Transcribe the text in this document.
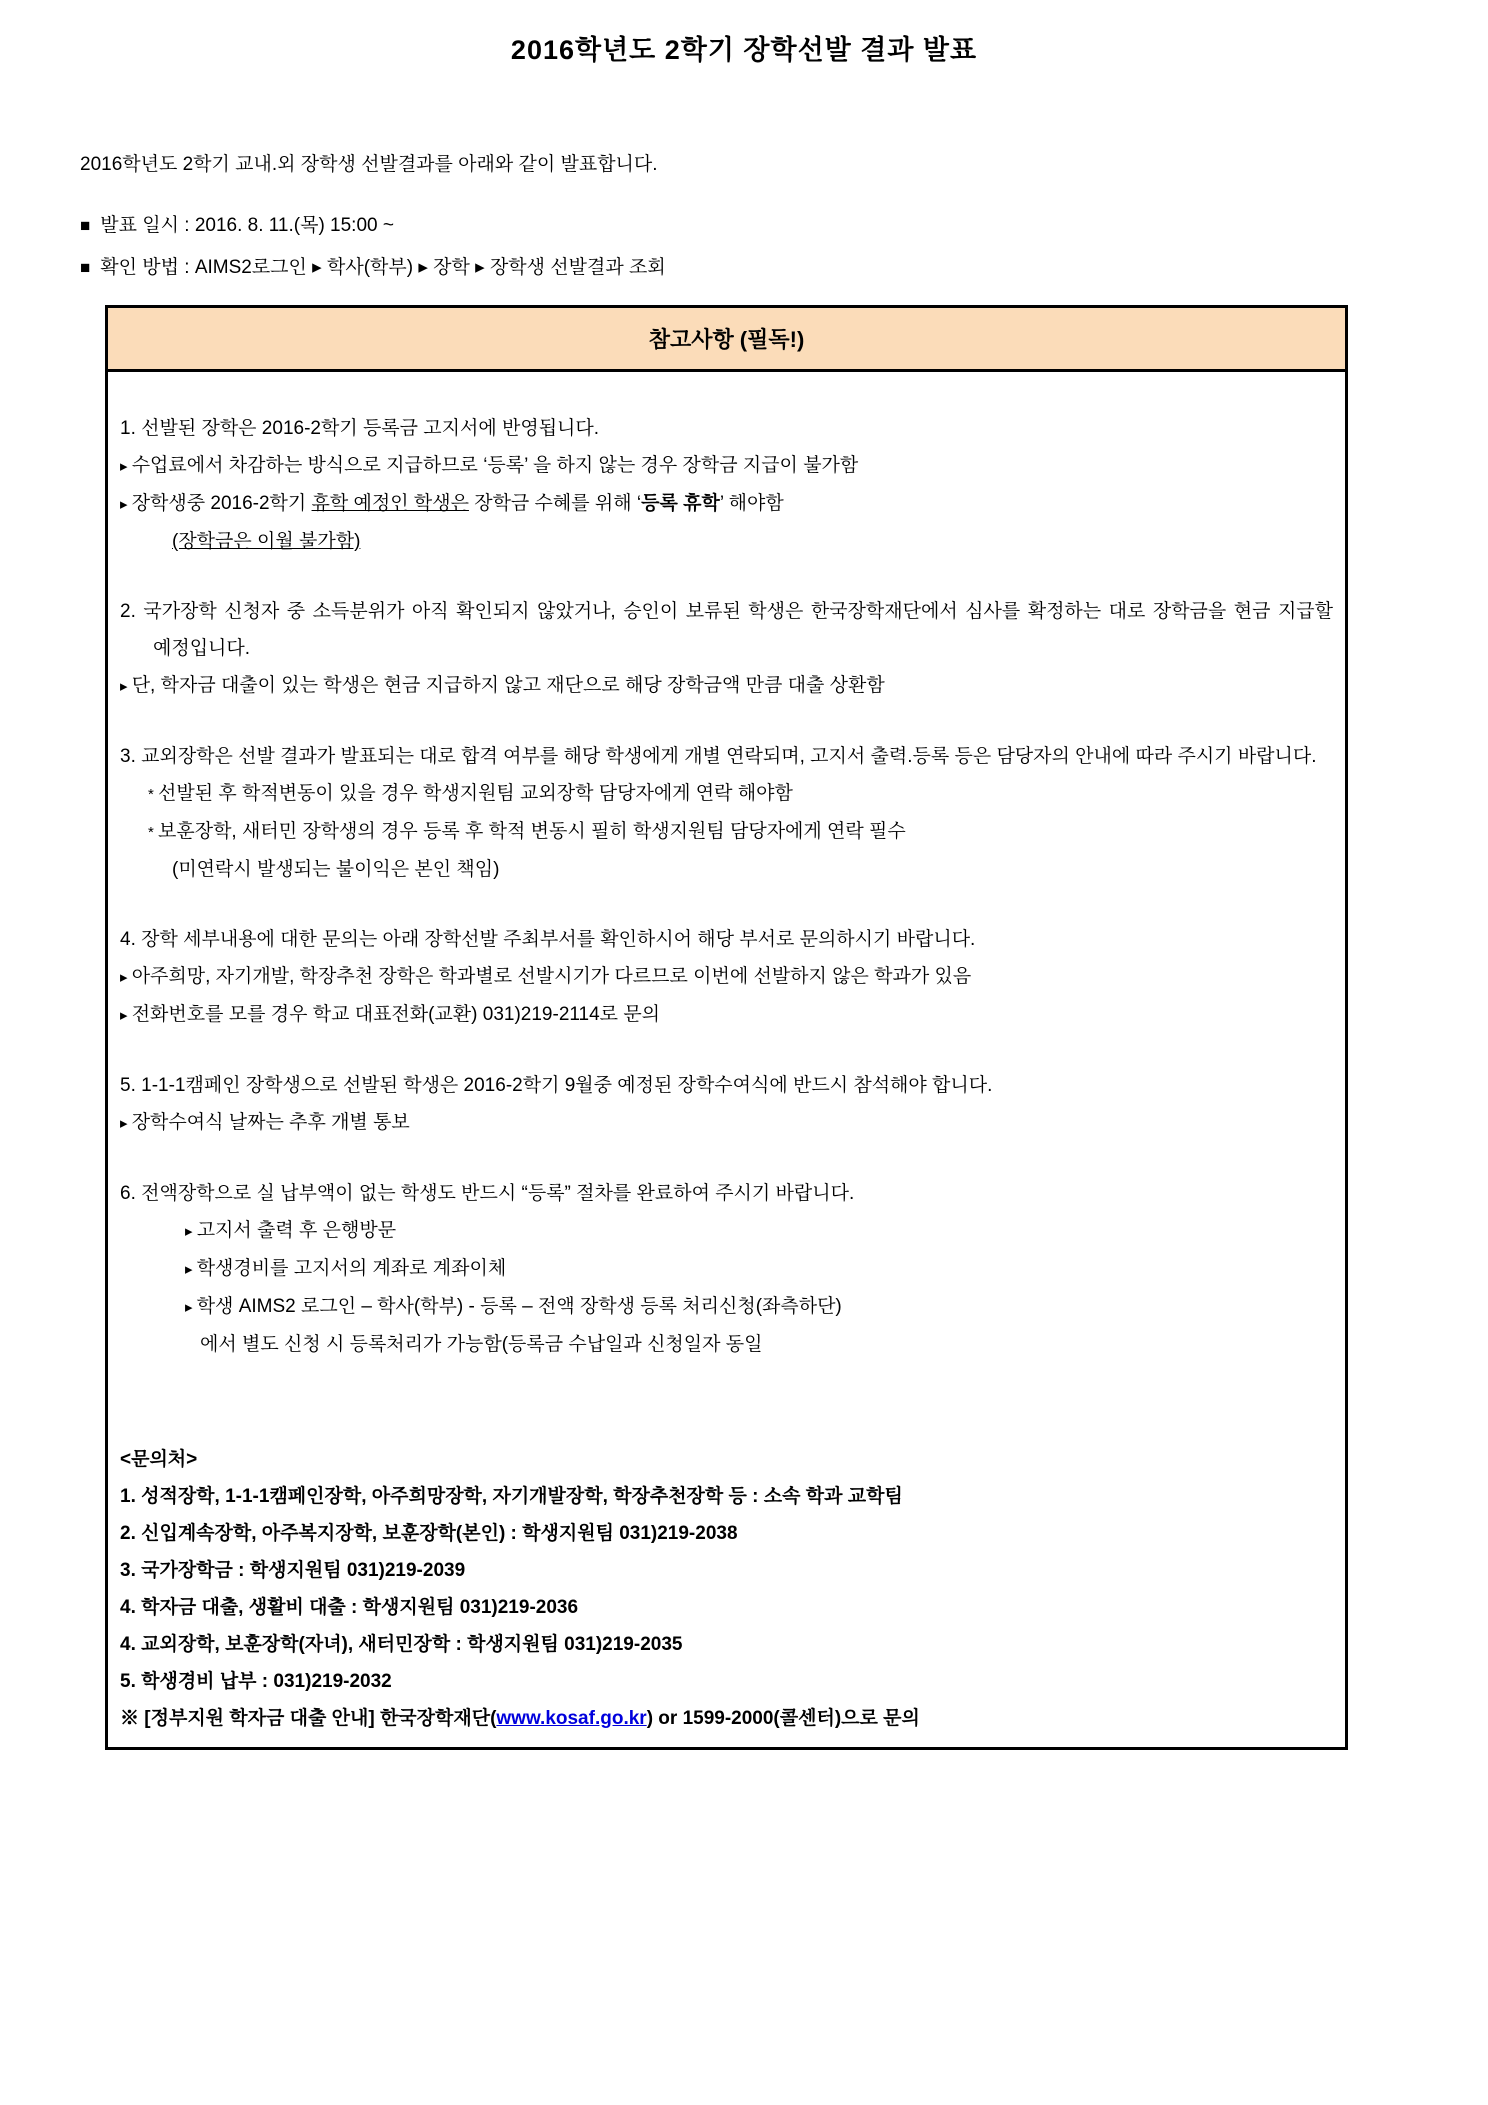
2016학년도 2학기 장학선발 결과 발표

2016학년도 2학기 교내.외 장학생 선발결과를 아래와 같이 발표합니다.

■ 발표 일시 : 2016. 8. 11.(목) 15:00 ~
■ 확인 방법 : AIMS2로그인 ▸ 학사(학부) ▸ 장학 ▸ 장학생 선발결과 조회
참고사항 (필독!)

1. 선발된 장학은 2016-2학기 등록금 고지서에 반영됩니다.

▸ 수업료에서 차감하는 방식으로 지급하므로 ‘등록’ 을 하지 않는 경우 장학금 지급이 불가함

▸ 장학생중 2016-2학기 휴학 예정인 학생은 장학금 수혜를 위해 ‘등록 휴학’ 해야함

(장학금은 이월 불가함)

2. 국가장학 신청자 중 소득분위가 아직 확인되지 않았거나, 승인이 보류된 학생은 한국장학재단에서 심사를 확정하는 대로 장학금을 현금 지급할 예정입니다.

▸ 단, 학자금 대출이 있는 학생은 현금 지급하지 않고 재단으로 해당 장학금액 만큼 대출 상환함

3. 교외장학은 선발 결과가 발표되는 대로 합격 여부를 해당 학생에게 개별 연락되며, 고지서 출력.등록 등은 담당자의 안내에 따라 주시기 바랍니다.

* 선발된 후 학적변동이 있을 경우 학생지원팀 교외장학 담당자에게 연락 해야함

* 보훈장학, 새터민 장학생의 경우 등록 후 학적 변동시 필히 학생지원팀 담당자에게 연락 필수

(미연락시 발생되는 불이익은 본인 책임)

4. 장학 세부내용에 대한 문의는 아래 장학선발 주최부서를 확인하시어 해당 부서로 문의하시기 바랍니다.

▸ 아주희망, 자기개발, 학장추천 장학은 학과별로 선발시기가 다르므로 이번에 선발하지 않은 학과가 있음

▸ 전화번호를 모를 경우 학교 대표전화(교환) 031)219-2114로 문의

5. 1-1-1캠페인 장학생으로 선발된 학생은 2016-2학기 9월중 예정된 장학수여식에 반드시 참석해야 합니다.

▸ 장학수여식 날짜는 추후 개별 통보

6. 전액장학으로 실 납부액이 없는 학생도 반드시 “등록” 절차를 완료하여 주시기 바랍니다.

▸ 고지서 출력 후 은행방문

▸ 학생경비를 고지서의 계좌로 계좌이체

▸ 학생 AIMS2 로그인 – 학사(학부) - 등록 – 전액 장학생 등록 처리신청(좌측하단)

에서 별도 신청 시 등록처리가 가능함(등록금 수납일과 신청일자 동일

<문의처>

1. 성적장학, 1-1-1캠페인장학, 아주희망장학, 자기개발장학, 학장추천장학 등 : 소속 학과 교학팀

2. 신입계속장학, 아주복지장학, 보훈장학(본인) : 학생지원팀 031)219-2038

3. 국가장학금 : 학생지원팀 031)219-2039

4. 학자금 대출, 생활비 대출 : 학생지원팀 031)219-2036

4. 교외장학, 보훈장학(자녀), 새터민장학 : 학생지원팀 031)219-2035

5. 학생경비 납부 : 031)219-2032

※ [정부지원 학자금 대출 안내] 한국장학재단(www.kosaf.go.kr) or 1599-2000(콜센터)으로 문의
